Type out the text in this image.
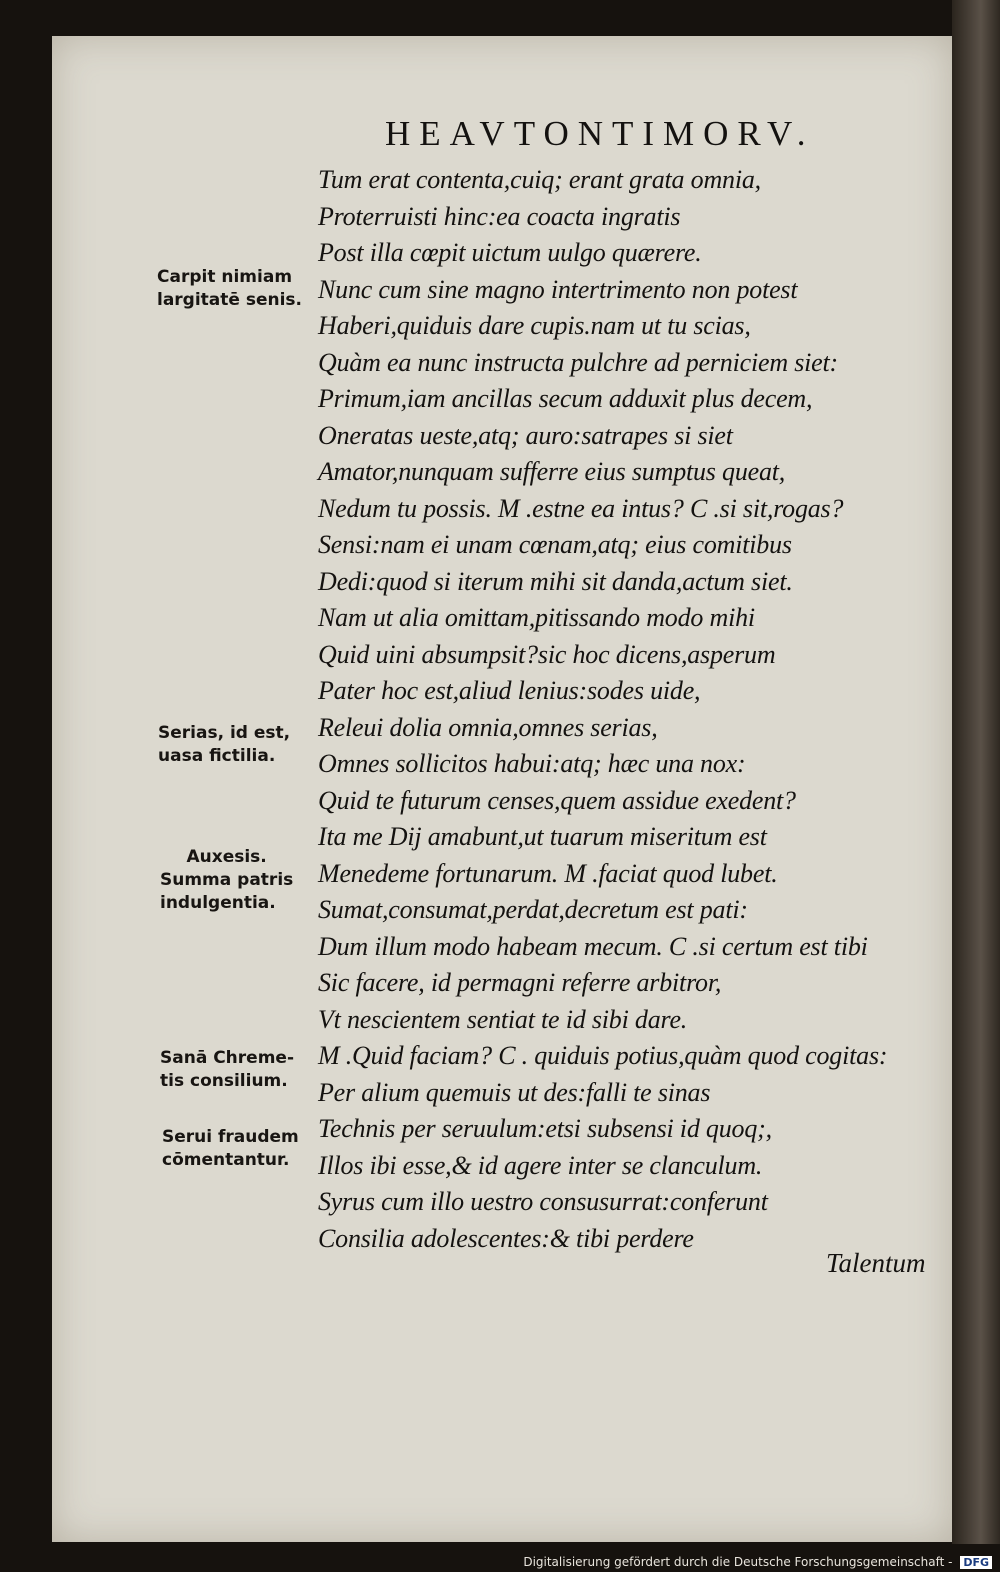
HEAVTONTIMORV.
Tum erat contenta,cuiq; erant grata omnia,
Proterruisti hinc:ea coacta ingratis
Post illa cœpit uictum uulgo quærere.
Nunc cum sine magno intertrimento non potest
Haberi,quiduis dare cupis.nam ut tu scias,
Quàm ea nunc instructa pulchre ad perniciem siet:
Primum,iam ancillas secum adduxit plus decem,
Oneratas ueste,atq; auro:satrapes si siet
Amator,nunquam sufferre eius sumptus queat,
Nedum tu possis. M .estne ea intus? C .si sit,rogas?
Sensi:nam ei unam cœnam,atq; eius comitibus
Dedi:quod si iterum mihi sit danda,actum siet.
Nam ut alia omittam,pitissando modo mihi
Quid uini absumpsit?sic hoc dicens,asperum
Pater hoc est,aliud lenius:sodes uide,
Releui dolia omnia,omnes serias,
Omnes sollicitos habui:atq; hæc una nox:
Quid te futurum censes,quem assidue exedent?
Ita me Dij amabunt,ut tuarum miseritum est
Menedeme fortunarum. M .faciat quod lubet.
Sumat,consumat,perdat,decretum est pati:
Dum illum modo habeam mecum. C .si certum est tibi
Sic facere, id permagni referre arbitror,
Vt nescientem sentiat te id sibi dare.
M .Quid faciam? C . quiduis potius,quàm quod cogitas:
Per alium quemuis ut des:falli te sinas
Technis per seruulum:etsi subsensi id quoq;,
Illos ibi esse,& id agere inter se clanculum.
Syrus cum illo uestro consusurrat:conferunt
Consilia adolescentes:& tibi perdere
Carpit nimiam
largitatē senis.
Serias, id est,
uasa fictilia.
Auxesis.
Summa patris
indulgentia.
Sanā Chreme-
tis consilium.
Serui fraudem
cōmentantur.
Talentum
Digitalisierung gefördert durch die Deutsche Forschungsgemeinschaft - DFG
